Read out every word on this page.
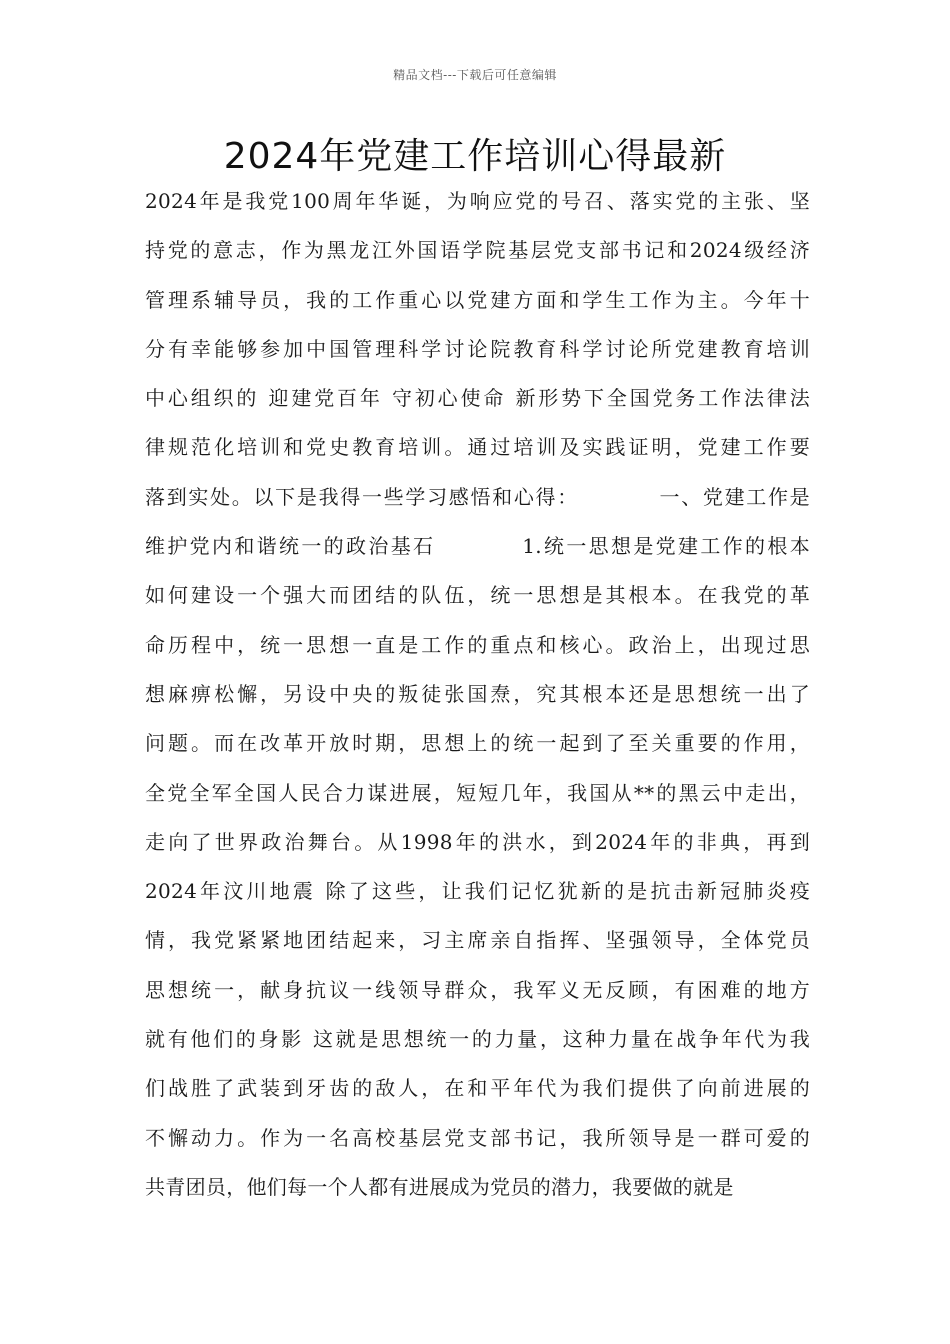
精品文档---下载后可任意编辑
2024年党建工作培训心得最新
2024年是我党100周年华诞，为响应党的号召、落实党的主张、坚
持党的意志，作为黑龙江外国语学院基层党支部书记和2024级经济
管理系辅导员，我的工作重心以党建方面和学生工作为主。今年十
分有幸能够参加中国管理科学讨论院教育科学讨论所党建教育培训
中心组织的 迎建党百年 守初心使命 新形势下全国党务工作法律法
律规范化培训和党史教育培训。通过培训及实践证明，党建工作要
落到实处。以下是我得一些学习感悟和心得：          一、党建工作是
维护党内和谐统一的政治基石          1.统一思想是党建工作的根本
如何建设一个强大而团结的队伍，统一思想是其根本。在我党的革
命历程中，统一思想一直是工作的重点和核心。政治上，出现过思
想麻痹松懈，另设中央的叛徒张国焘，究其根本还是思想统一出了
问题。而在改革开放时期，思想上的统一起到了至关重要的作用，
全党全军全国人民合力谋进展，短短几年，我国从**的黑云中走出，
走向了世界政治舞台。从1998年的洪水，到2024年的非典，再到
2024年汶川地震 除了这些，让我们记忆犹新的是抗击新冠肺炎疫
情，我党紧紧地团结起来，习主席亲自指挥、坚强领导，全体党员
思想统一，献身抗议一线领导群众，我军义无反顾，有困难的地方
就有他们的身影 这就是思想统一的力量，这种力量在战争年代为我
们战胜了武装到牙齿的敌人，在和平年代为我们提供了向前进展的
不懈动力。作为一名高校基层党支部书记，我所领导是一群可爱的
共青团员，他们每一个人都有进展成为党员的潜力，我要做的就是
